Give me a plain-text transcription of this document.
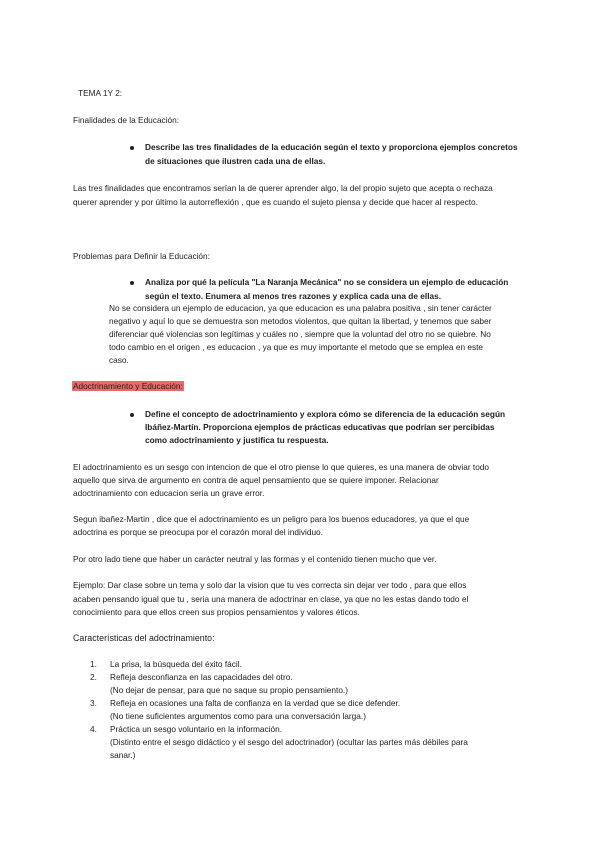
TEMA 1Y 2:

Finalidades de la Educación:

Describe las tres finalidades de la educación según el texto y proporciona ejemplos concretos

de situaciones que ilustren cada una de ellas.

Las tres finalidades que encontramos serían la de querer aprender algo, la del propio sujeto que acepta o rechaza

querer aprender y por último la autorreflexión , que es cuando el sujeto piensa y decide que hacer al respecto.

Problemas para Definir la Educación:

Analiza por qué la película "La Naranja Mecánica" no se considera un ejemplo de educación

según el texto. Enumera al menos tres razones y explica cada una de ellas.

No se considera un ejemplo de educacion, ya que educacion es una palabra positiva , sin tener carácter

negativo y aquí lo que se demuestra son metodos violentos, que quitan la libertad, y tenemos que saber

diferenciar qué violencias son legítimas y cuáles no , siempre que la voluntad del otro no se quiebre. No

todo cambio en el origen , es educacion , ya que es muy importante el metodo que se emplea en este

caso.

Adoctrinamiento y Educación:

Define el concepto de adoctrinamiento y explora cómo se diferencia de la educación según

Ibáñez-Martín. Proporciona ejemplos de prácticas educativas que podrían ser percibidas

como adoctrinamiento y justifica tu respuesta.

El adoctrinamiento es un sesgo con intencion de que el otro piense lo que quieres, es una manera de obviar todo

aquello que sirva de argumento en contra de aquel pensamiento que se quiere imponer. Relacionar

adoctrinamiento con educacion seria un grave error.

Segun ibañez-Martin , dice que el adoctrinamiento es un peligro para los buenos educadores, ya que el que

adoctrina es porque se preocupa por el corazón moral del individuo.

Por otro lado tiene que haber un carácter neutral y las formas y el contenido tienen mucho que ver.

Ejemplo: Dar clase sobre un tema y solo dar la vision que tu ves correcta sin dejar ver todo , para que ellos

acaben pensando igual que tu , seria una manera de adoctrinar en clase, ya que no les estas dando todo el

conocimiento para que ellos creen sus propios pensamientos y valores éticos.

Características del adoctrinamiento:

1. La prisa, la búsqueda del éxito fácil.

2. Refleja desconfianza en las capacidades del otro.

(No dejar de pensar, para que no saque su propio pensamiento.)

3. Refleja en ocasiones una falta de confianza en la verdad que se dice defender.

(No tiene suficientes argumentos como para una conversación larga.)

4. Práctica un sesgo voluntario en la información.

(Distinto entre el sesgo didáctico y el sesgo del adoctrinador) (ocultar las partes más débiles para

sanar.)
